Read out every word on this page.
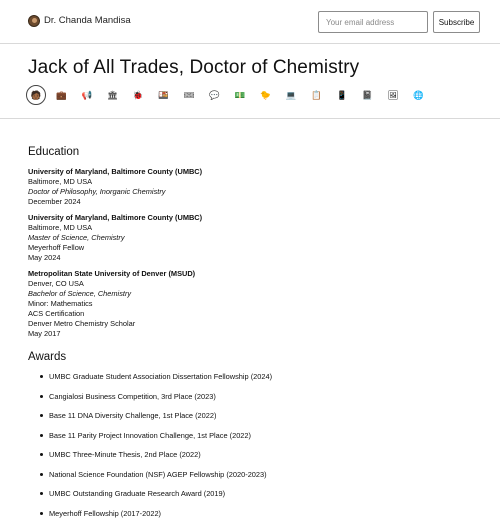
Dr. Chanda Mandisa
Your email address	Subscribe
Jack of All Trades, Doctor of Chemistry
🧑🏾 💼 📢 🏛 🐞 🍱 🎟 💬 💵 🐤 💻 📋 📱 📓 🖼 🌐
Education
University of Maryland, Baltimore County (UMBC)
Baltimore, MD USA
Doctor of Philosophy, Inorganic Chemistry
December 2024
University of Maryland, Baltimore County (UMBC)
Baltimore, MD USA
Master of Science, Chemistry
Meyerhoff Fellow
May 2024
Metropolitan State University of Denver (MSUD)
Denver, CO USA
Bachelor of Science, Chemistry
Minor: Mathematics
ACS Certification
Denver Metro Chemistry Scholar
May 2017
Awards
UMBC Graduate Student Association Dissertation Fellowship (2024)
Cangialosi Business Competition, 3rd Place (2023)
Base 11 DNA Diversity Challenge, 1st Place (2022)
Base 11 Parity Project Innovation Challenge, 1st Place (2022)
UMBC Three-Minute Thesis, 2nd Place (2022)
National Science Foundation (NSF) AGEP Fellowship (2020-2023)
UMBC Outstanding Graduate Research Award (2019)
Meyerhoff Fellowship (2017-2022)
